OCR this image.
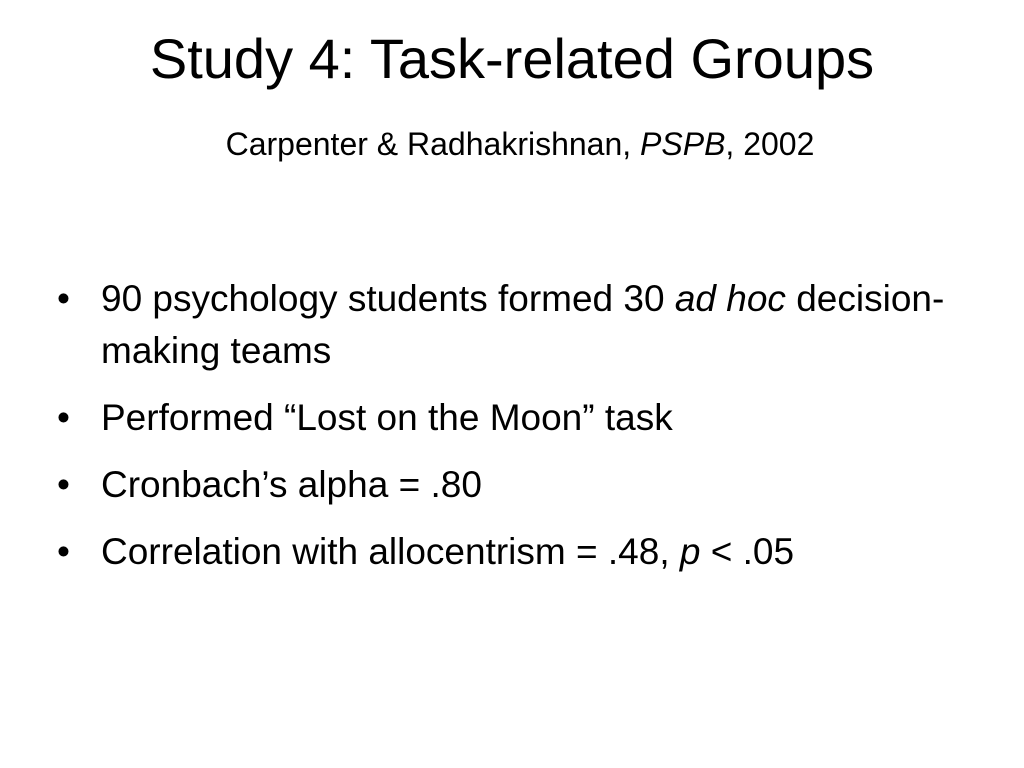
Study 4: Task-related Groups
Carpenter & Radhakrishnan, PSPB, 2002
• 90 psychology students formed 30 ad hoc decision-making teams
• Performed “Lost on the Moon” task
• Cronbach’s alpha = .80
• Correlation with allocentrism = .48, p < .05
